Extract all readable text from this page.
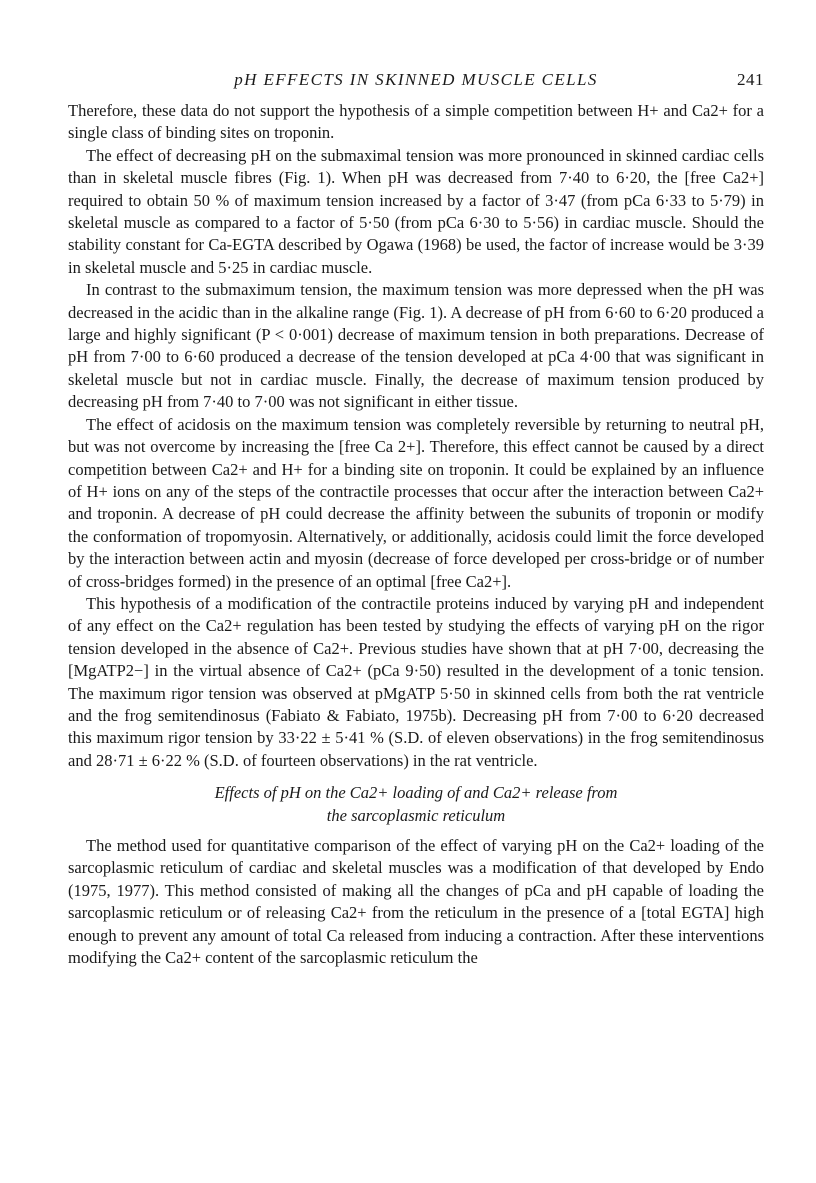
pH EFFECTS IN SKINNED MUSCLE CELLS	241

Therefore, these data do not support the hypothesis of a simple competition between H+ and Ca2+ for a single class of binding sites on troponin.

The effect of decreasing pH on the submaximal tension was more pronounced in skinned cardiac cells than in skeletal muscle fibres (Fig. 1). When pH was decreased from 7·40 to 6·20, the [free Ca2+] required to obtain 50 % of maximum tension increased by a factor of 3·47 (from pCa 6·33 to 5·79) in skeletal muscle as compared to a factor of 5·50 (from pCa 6·30 to 5·56) in cardiac muscle. Should the stability constant for Ca-EGTA described by Ogawa (1968) be used, the factor of increase would be 3·39 in skeletal muscle and 5·25 in cardiac muscle.

In contrast to the submaximum tension, the maximum tension was more depressed when the pH was decreased in the acidic than in the alkaline range (Fig. 1). A decrease of pH from 6·60 to 6·20 produced a large and highly significant (P < 0·001) decrease of maximum tension in both preparations. Decrease of pH from 7·00 to 6·60 produced a decrease of the tension developed at pCa 4·00 that was significant in skeletal muscle but not in cardiac muscle. Finally, the decrease of maximum tension produced by decreasing pH from 7·40 to 7·00 was not significant in either tissue.

The effect of acidosis on the maximum tension was completely reversible by returning to neutral pH, but was not overcome by increasing the [free Ca 2+]. Therefore, this effect cannot be caused by a direct competition between Ca2+ and H+ for a binding site on troponin. It could be explained by an influence of H+ ions on any of the steps of the contractile processes that occur after the interaction between Ca2+ and troponin. A decrease of pH could decrease the affinity between the subunits of troponin or modify the conformation of tropomyosin. Alternatively, or additionally, acidosis could limit the force developed by the interaction between actin and myosin (decrease of force developed per cross-bridge or of number of cross-bridges formed) in the presence of an optimal [free Ca2+].

This hypothesis of a modification of the contractile proteins induced by varying pH and independent of any effect on the Ca2+ regulation has been tested by studying the effects of varying pH on the rigor tension developed in the absence of Ca2+. Previous studies have shown that at pH 7·00, decreasing the [MgATP2−] in the virtual absence of Ca2+ (pCa 9·50) resulted in the development of a tonic tension. The maximum rigor tension was observed at pMgATP 5·50 in skinned cells from both the rat ventricle and the frog semitendinosus (Fabiato & Fabiato, 1975b). Decreasing pH from 7·00 to 6·20 decreased this maximum rigor tension by 33·22 ± 5·41 % (S.D. of eleven observations) in the frog semitendinosus and 28·71 ± 6·22 % (S.D. of fourteen observations) in the rat ventricle.

Effects of pH on the Ca2+ loading of and Ca2+ release from
the sarcoplasmic reticulum

The method used for quantitative comparison of the effect of varying pH on the Ca2+ loading of the sarcoplasmic reticulum of cardiac and skeletal muscles was a modification of that developed by Endo (1975, 1977). This method consisted of making all the changes of pCa and pH capable of loading the sarcoplasmic reticulum or of releasing Ca2+ from the reticulum in the presence of a [total EGTA] high enough to prevent any amount of total Ca released from inducing a contraction. After these interventions modifying the Ca2+ content of the sarcoplasmic reticulum the
